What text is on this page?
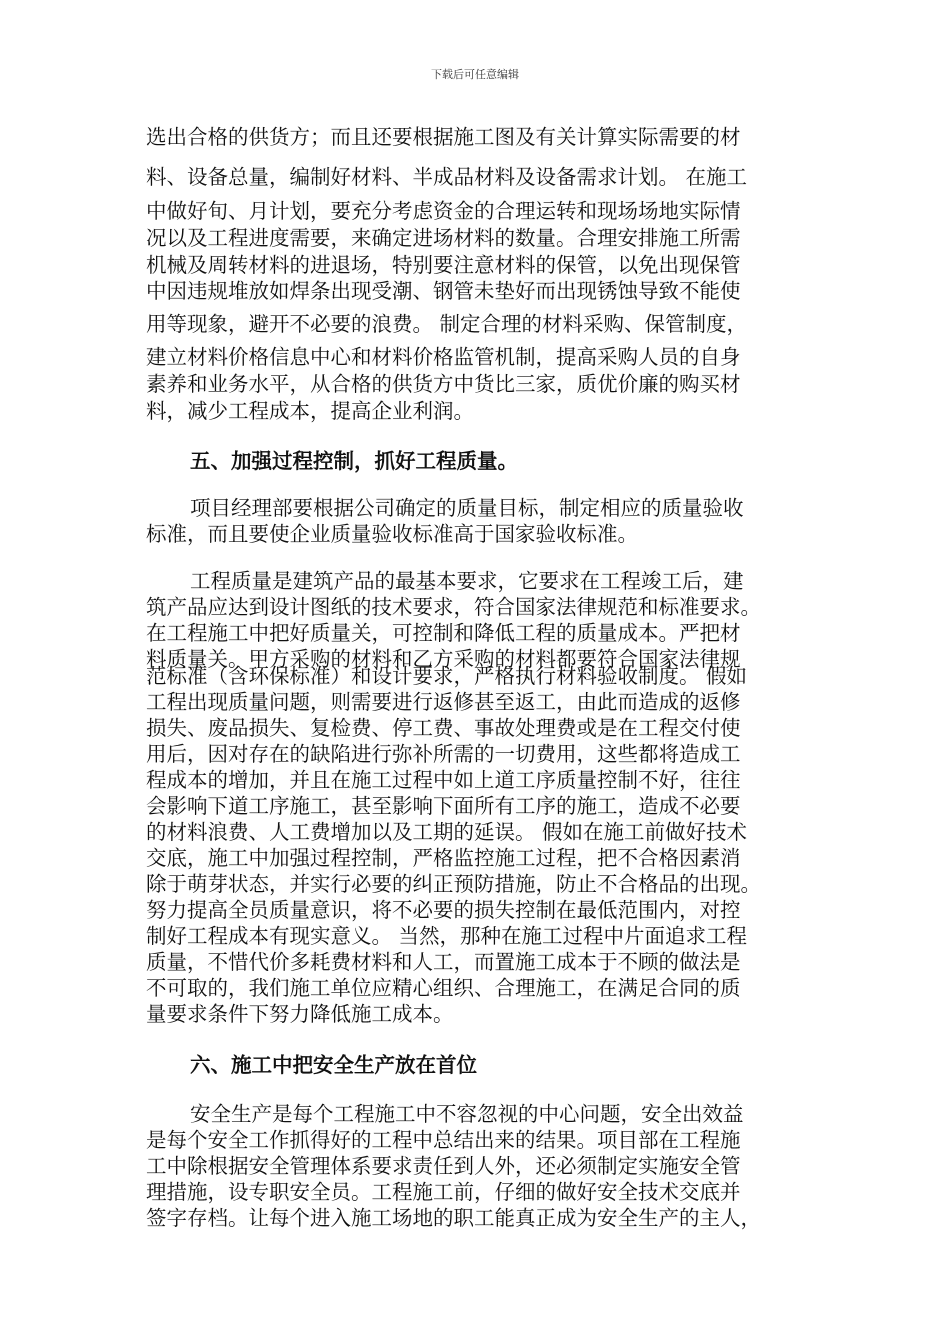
下载后可任意编辑
选出合格的供货方；而且还要根据施工图及有关计算实际需要的材
料、设备总量，编制好材料、半成品材料及设备需求计划。 在施工
中做好旬、月计划，要充分考虑资金的合理运转和现场场地实际情
况以及工程进度需要，来确定进场材料的数量。合理安排施工所需
机械及周转材料的进退场，特别要注意材料的保管，以免出现保管
中因违规堆放如焊条出现受潮、钢管未垫好而出现锈蚀导致不能使
用等现象，避开不必要的浪费。 制定合理的材料采购、保管制度，
建立材料价格信息中心和材料价格监管机制，提高采购人员的自身
素养和业务水平，从合格的供货方中货比三家，质优价廉的购买材
料，减少工程成本，提高企业利润。
五、加强过程控制，抓好工程质量。
项目经理部要根据公司确定的质量目标，制定相应的质量验收
标准，而且要使企业质量验收标准高于国家验收标准。
工程质量是建筑产品的最基本要求，它要求在工程竣工后，建
筑产品应达到设计图纸的技术要求，符合国家法律规范和标准要求。
在工程施工中把好质量关，可控制和降低工程的质量成本。严把材
料质量关。甲方采购的材料和乙方采购的材料都要符合国家法律规
范标准（含环保标准）和设计要求，严格执行材料验收制度。 假如
工程出现质量问题，则需要进行返修甚至返工，由此而造成的返修
损失、废品损失、复检费、停工费、事故处理费或是在工程交付使
用后，因对存在的缺陷进行弥补所需的一切费用，这些都将造成工
程成本的增加，并且在施工过程中如上道工序质量控制不好，往往
会影响下道工序施工，甚至影响下面所有工序的施工，造成不必要
的材料浪费、人工费增加以及工期的延误。 假如在施工前做好技术
交底，施工中加强过程控制，严格监控施工过程，把不合格因素消
除于萌芽状态，并实行必要的纠正预防措施，防止不合格品的出现。
努力提高全员质量意识，将不必要的损失控制在最低范围内，对控
制好工程成本有现实意义。 当然，那种在施工过程中片面追求工程
质量，不惜代价多耗费材料和人工，而置施工成本于不顾的做法是
不可取的，我们施工单位应精心组织、合理施工，在满足合同的质
量要求条件下努力降低施工成本。
六、施工中把安全生产放在首位
安全生产是每个工程施工中不容忽视的中心问题，安全出效益
是每个安全工作抓得好的工程中总结出来的结果。项目部在工程施
工中除根据安全管理体系要求责任到人外，还必须制定实施安全管
理措施，设专职安全员。工程施工前，仔细的做好安全技术交底并
签字存档。让每个进入施工场地的职工能真正成为安全生产的主人，
